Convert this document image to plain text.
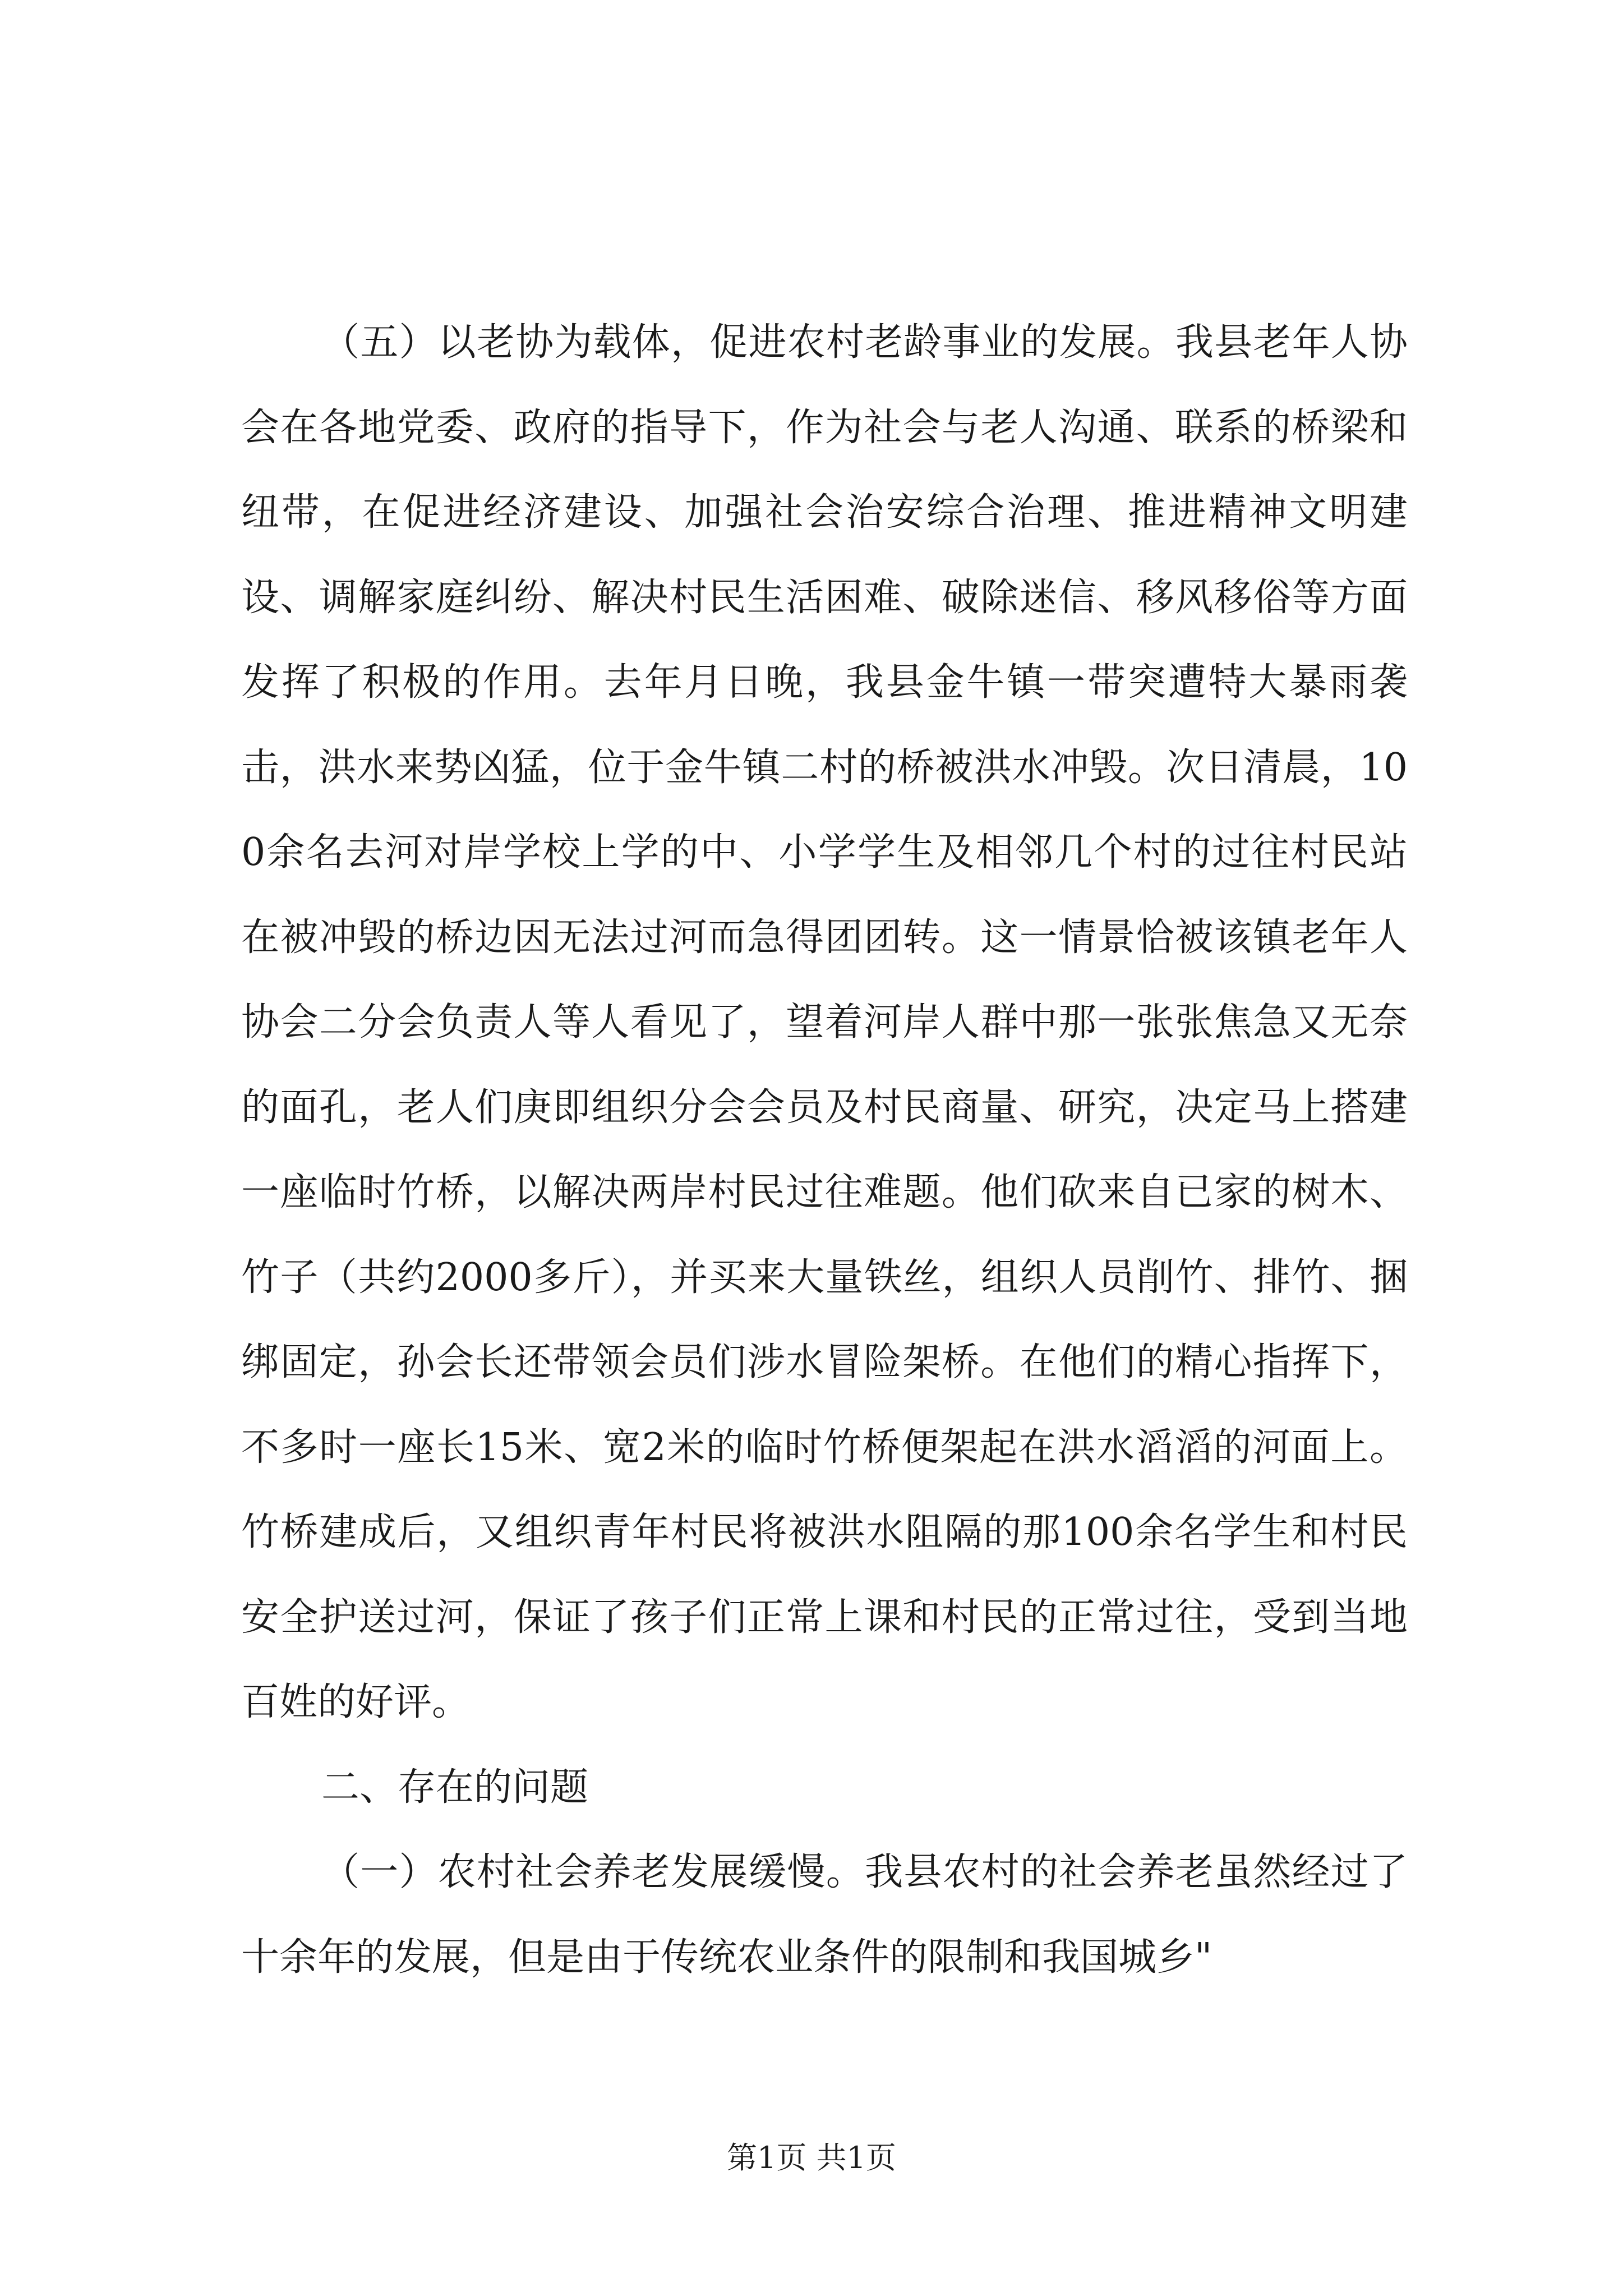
（五）以老协为载体，促进农村老龄事业的发展。我县老年人协会在各地党委、政府的指导下，作为社会与老人沟通、联系的桥梁和纽带，在促进经济建设、加强社会治安综合治理、推进精神文明建设、调解家庭纠纷、解决村民生活困难、破除迷信、移风移俗等方面发挥了积极的作用。去年月日晚，我县金牛镇一带突遭特大暴雨袭击，洪水来势凶猛，位于金牛镇二村的桥被洪水冲毁。次日清晨，100余名去河对岸学校上学的中、小学学生及相邻几个村的过往村民站在被冲毁的桥边因无法过河而急得团团转。这一情景恰被该镇老年人协会二分会负责人等人看见了，望着河岸人群中那一张张焦急又无奈的面孔，老人们庚即组织分会会员及村民商量、研究，决定马上搭建一座临时竹桥，以解决两岸村民过往难题。他们砍来自已家的树木、竹子（共约2000多斤），并买来大量铁丝，组织人员削竹、排竹、捆绑固定，孙会长还带领会员们涉水冒险架桥。在他们的精心指挥下，不多时一座长15米、宽2米的临时竹桥便架起在洪水滔滔的河面上。竹桥建成后，又组织青年村民将被洪水阻隔的那100余名学生和村民安全护送过河，保证了孩子们正常上课和村民的正常过往，受到当地百姓的好评。

二、存在的问题

（一）农村社会养老发展缓慢。我县农村的社会养老虽然经过了十余年的发展，但是由于传统农业条件的限制和我国城乡"

第1页 共1页
